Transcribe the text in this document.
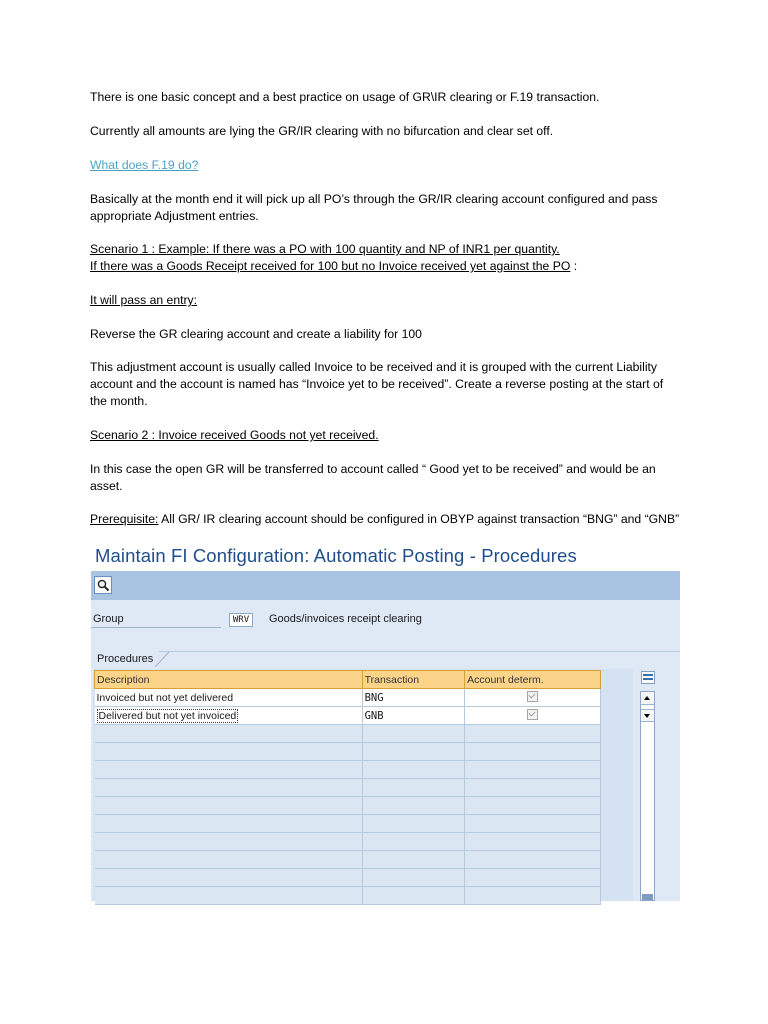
There is one basic concept and a best practice on usage of GR\IR clearing or F.19 transaction.

Currently all amounts are lying the GR/IR clearing with no bifurcation and clear set off.

What does F.19 do?

Basically at the month end it will pick up all PO’s through the GR/IR clearing account configured and pass appropriate Adjustment entries.

Scenario 1 : Example: If there was a PO with 100 quantity and NP of INR1 per quantity.

If there was a Goods Receipt received for 100 but no Invoice received yet against the PO :

It will pass an entry:

Reverse the GR clearing account and create a liability for 100

This adjustment account is usually called Invoice to be received and it is grouped with the current Liability account and the account is named has “Invoice yet to be received”. Create a reverse posting at the start of the month.

Scenario 2 : Invoice received Goods not yet received.

In this case the open GR will be transferred to account called “ Good yet to be received” and would be an asset.

Prerequisite: All GR/ IR clearing account should be configured in OBYP against transaction “BNG” and “GNB”

Maintain FI Configuration: Automatic Posting - Procedures
Group	WRV	Goods/invoices receipt clearing
Procedures
Description	Transaction	Account determ.
Invoiced but not yet delivered	BNG	
Delivered but not yet invoiced	GNB	
